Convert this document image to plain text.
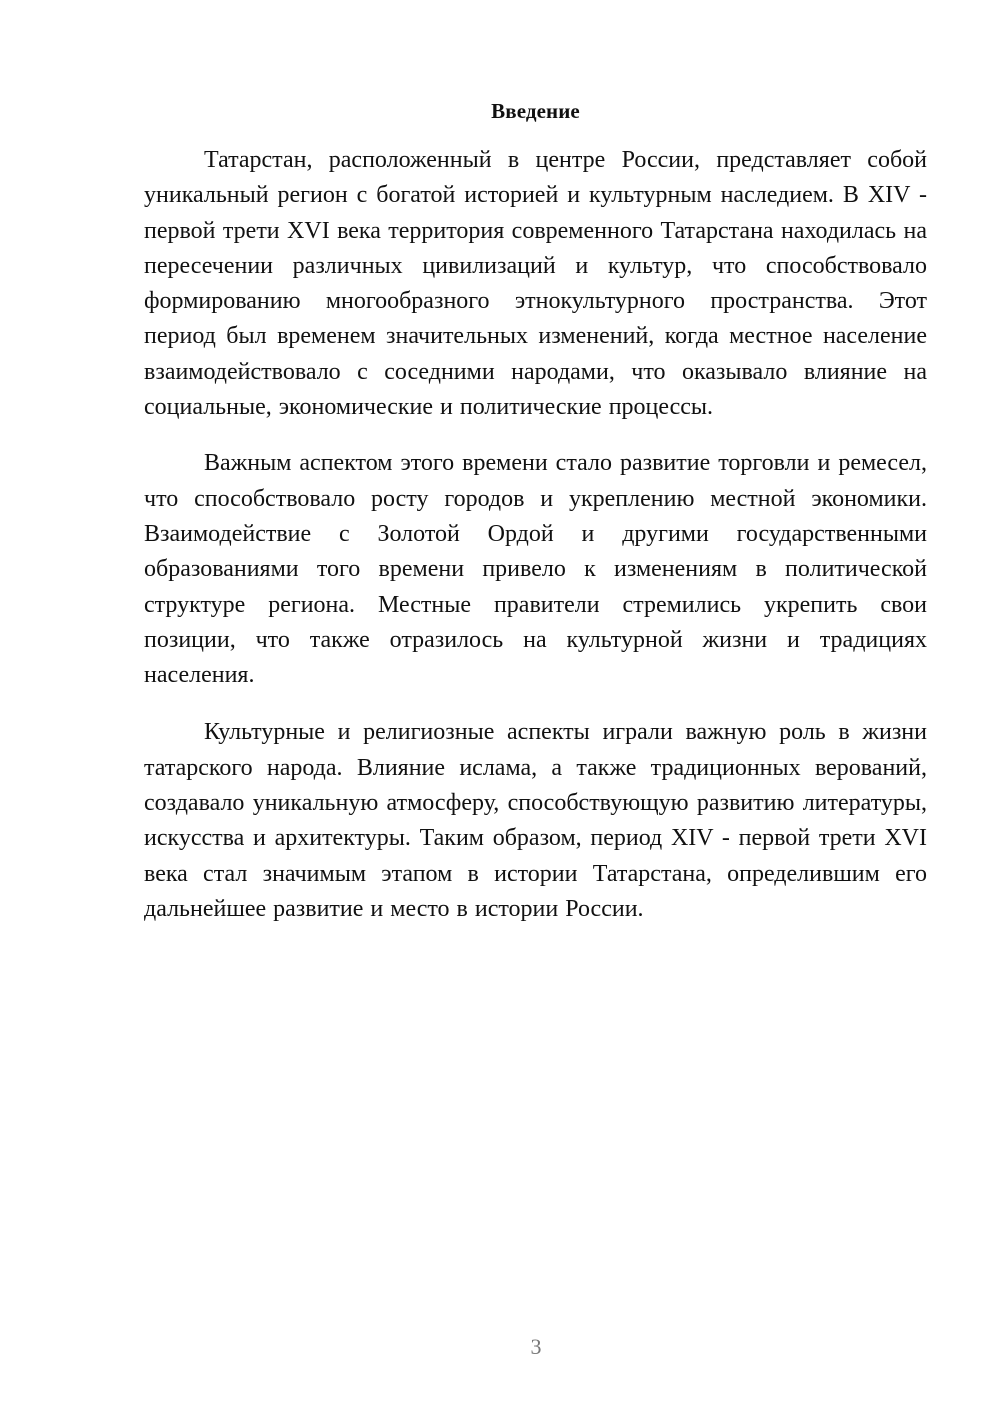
Введение

Татарстан, расположенный в центре России, представляет собой уникальный регион с богатой историей и культурным наследием. В XIV - первой трети XVI века территория современного Татарстана находилась на пересечении различных цивилизаций и культур, что способствовало формированию многообразного этнокультурного пространства. Этот период был временем значительных изменений, когда местное население взаимодействовало с соседними народами, что оказывало влияние на социальные, экономические и политические процессы.

Важным аспектом этого времени стало развитие торговли и ремесел, что способствовало росту городов и укреплению местной экономики. Взаимодействие с Золотой Ордой и другими государственными образованиями того времени привело к изменениям в политической структуре региона. Местные правители стремились укрепить свои позиции, что также отразилось на культурной жизни и традициях населения.

Культурные и религиозные аспекты играли важную роль в жизни татарского народа. Влияние ислама, а также традиционных верований, создавало уникальную атмосферу, способствующую развитию литературы, искусства и архитектуры. Таким образом, период XIV - первой трети XVI века стал значимым этапом в истории Татарстана, определившим его дальнейшее развитие и место в истории России.

3
